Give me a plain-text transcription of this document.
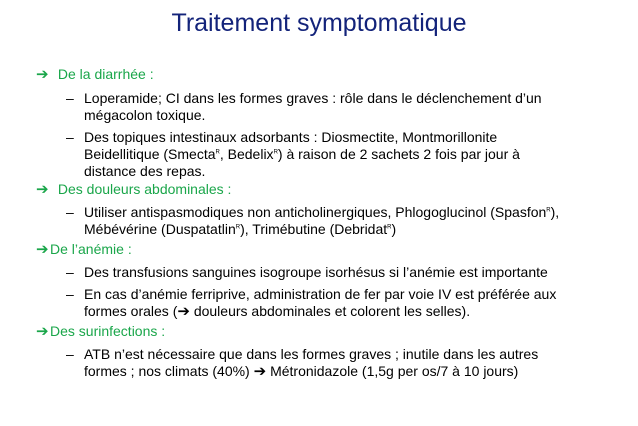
Traitement symptomatique

➔ De la diarrhée :

– Loperamide; CI dans les formes graves : rôle dans le déclenchement d’un
mégacolon toxique.
– Des topiques intestinaux adsorbants : Diosmectite, Montmorillonite
Beidellitique (Smecta$^R$, Bedelix$^R$) à raison de 2 sachets 2 fois par jour à
distance des repas.

➔ Des douleurs abdominales :

– Utiliser antispasmodiques non anticholinergiques, Phlogoglucinol (Spasfon$^R$),
Mébévérine (Duspatatlin$^R$), Trimébutine (Debridat$^R$)

➔De l’anémie :

– Des transfusions sanguines isogroupe isorhésus si l’anémie est importante
– En cas d’anémie ferriprive, administration de fer par voie IV est préférée aux
formes orales (➔ douleurs abdominales et colorent les selles).

➔Des surinfections :

– ATB n’est nécessaire que dans les formes graves ; inutile dans les autres
formes ; nos climats (40%) ➔ Métronidazole (1,5g per os/7 à 10 jours)
